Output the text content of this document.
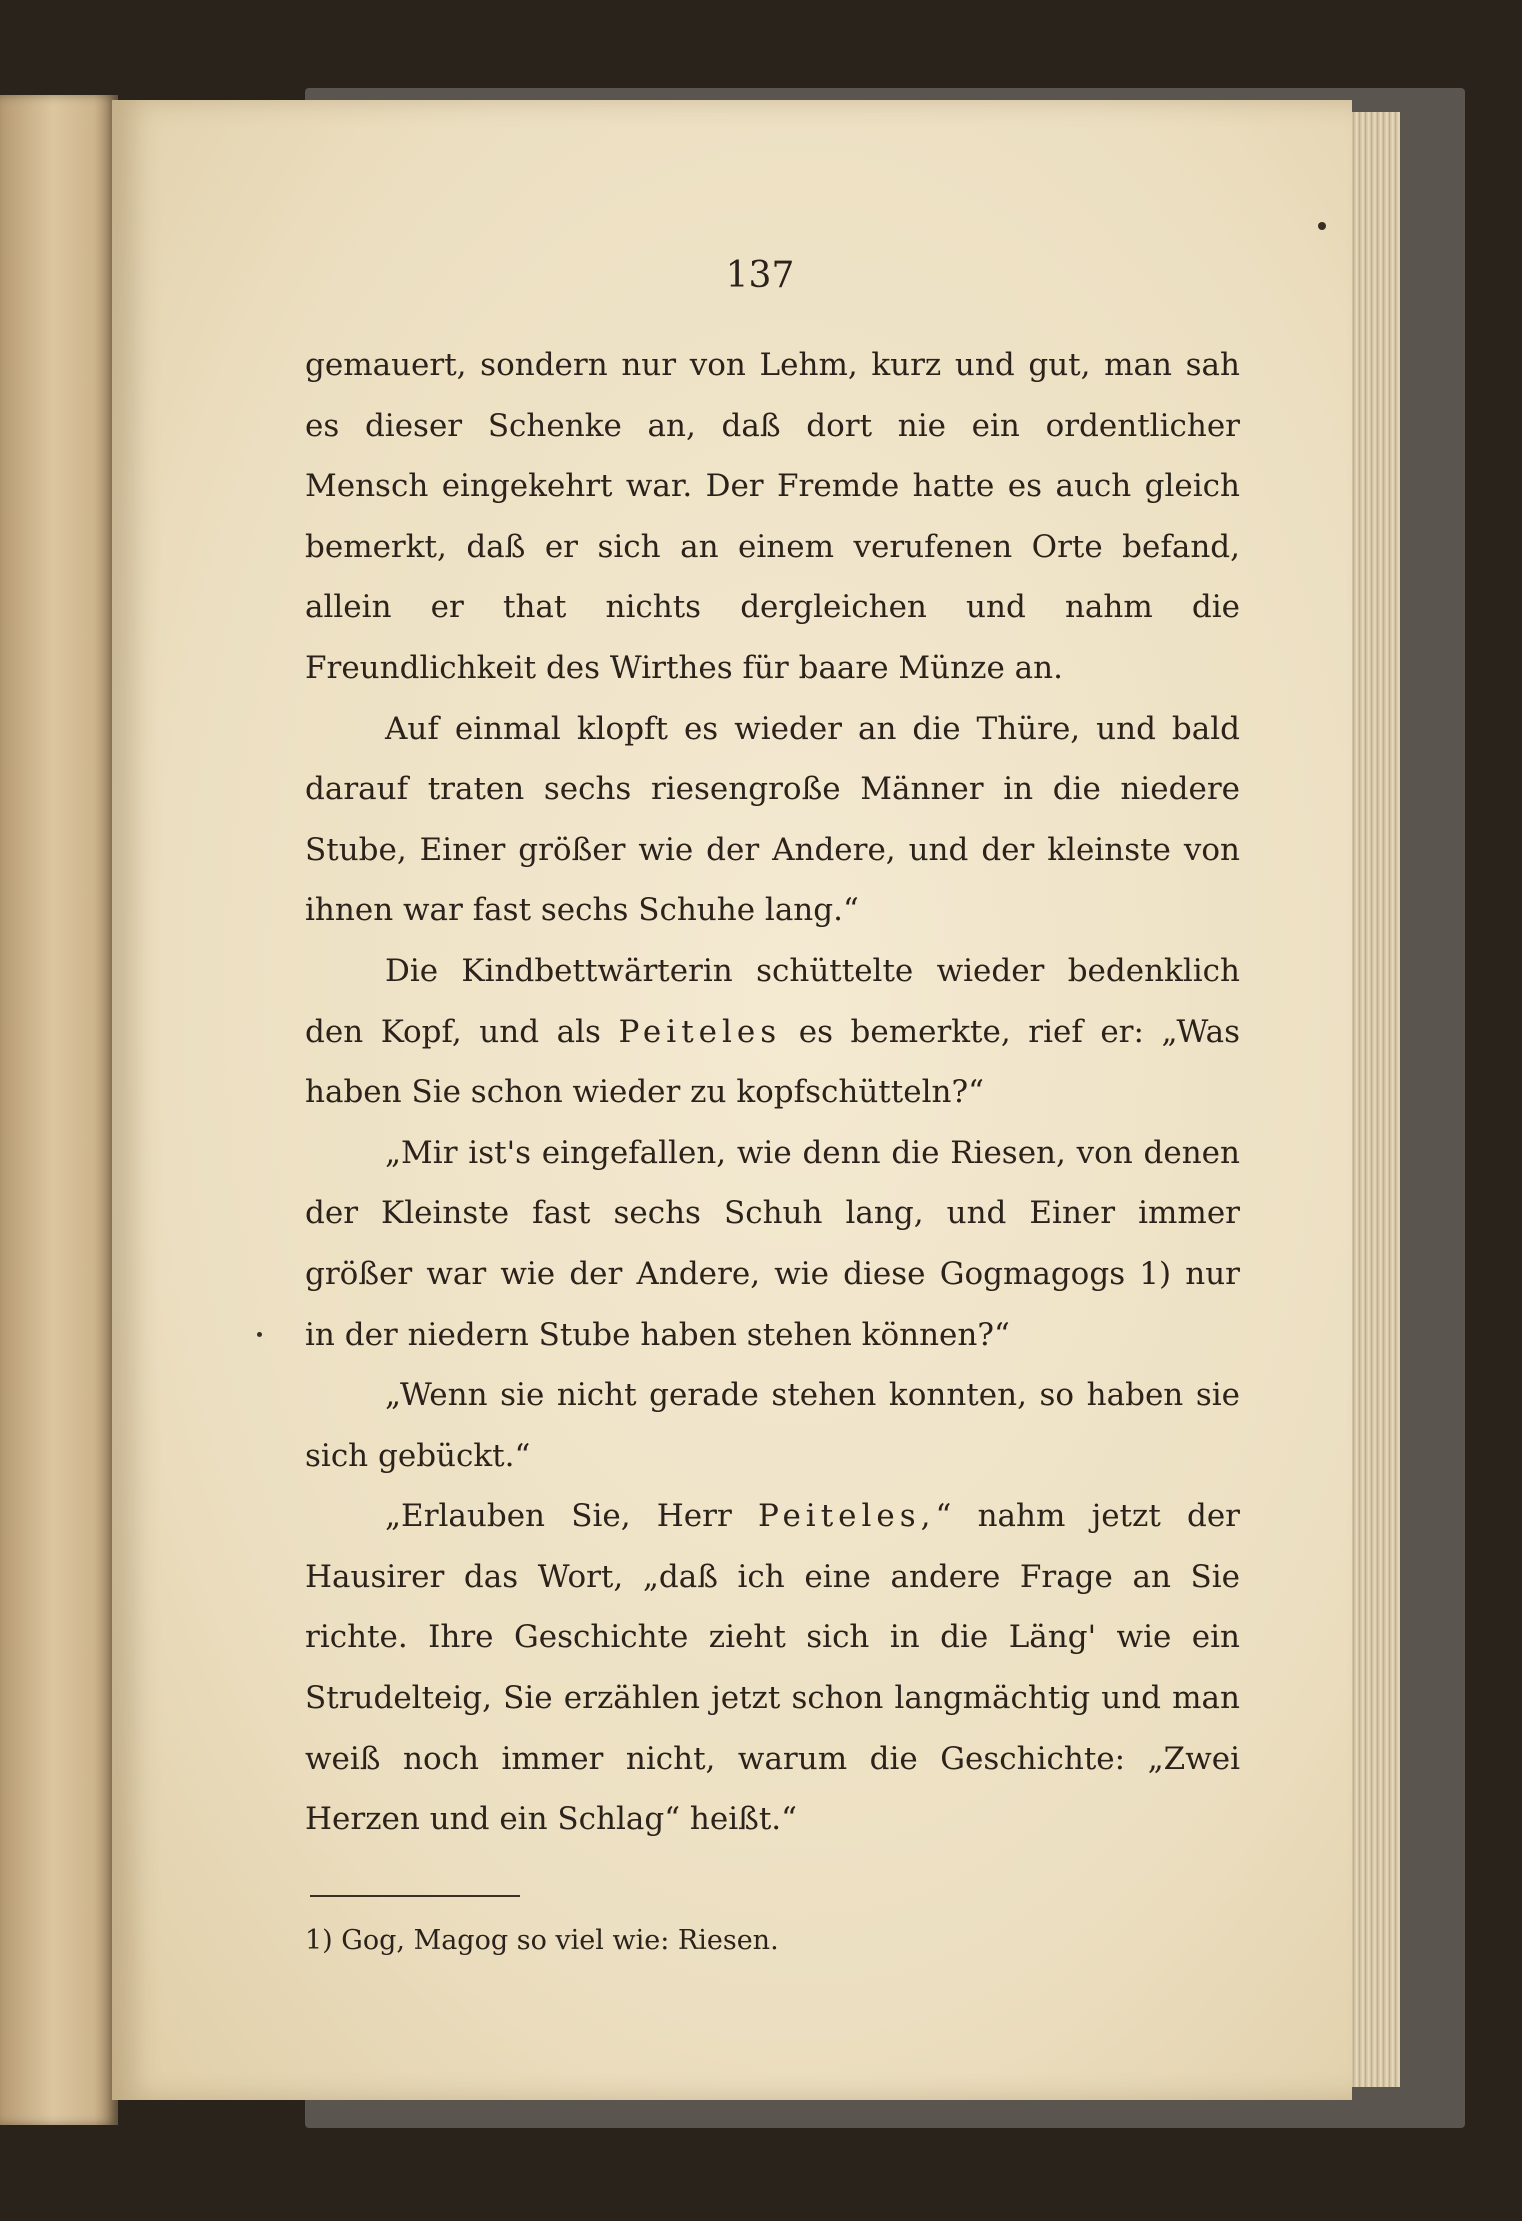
137

gemauert, sondern nur von Lehm, kurz und gut, man sah es dieser Schenke an, daß dort nie ein ordentlicher Mensch eingekehrt war. Der Fremde hatte es auch gleich bemerkt, daß er sich an einem verufenen Orte befand, allein er that nichts dergleichen und nahm die Freundlichkeit des Wirthes für baare Münze an.

Auf einmal klopft es wieder an die Thüre, und bald darauf traten sechs riesengroße Männer in die niedere Stube, Einer größer wie der Andere, und der kleinste von ihnen war fast sechs Schuhe lang.“

Die Kindbettwärterin schüttelte wieder bedenklich den Kopf, und als Peiteles es bemerkte, rief er: „Was haben Sie schon wieder zu kopfschütteln?“

„Mir ist's eingefallen, wie denn die Riesen, von denen der Kleinste fast sechs Schuh lang, und Einer immer größer war wie der Andere, wie diese Gogmagogs 1) nur in der niedern Stube haben stehen können?“

„Wenn sie nicht gerade stehen konnten, so haben sie sich gebückt.“

„Erlauben Sie, Herr Peiteles,“ nahm jetzt der Hausirer das Wort, „daß ich eine andere Frage an Sie richte. Ihre Geschichte zieht sich in die Läng' wie ein Strudelteig, Sie erzählen jetzt schon langmächtig und man weiß noch immer nicht, warum die Geschichte: „Zwei Herzen und ein Schlag“ heißt.“

1) Gog, Magog so viel wie: Riesen.
